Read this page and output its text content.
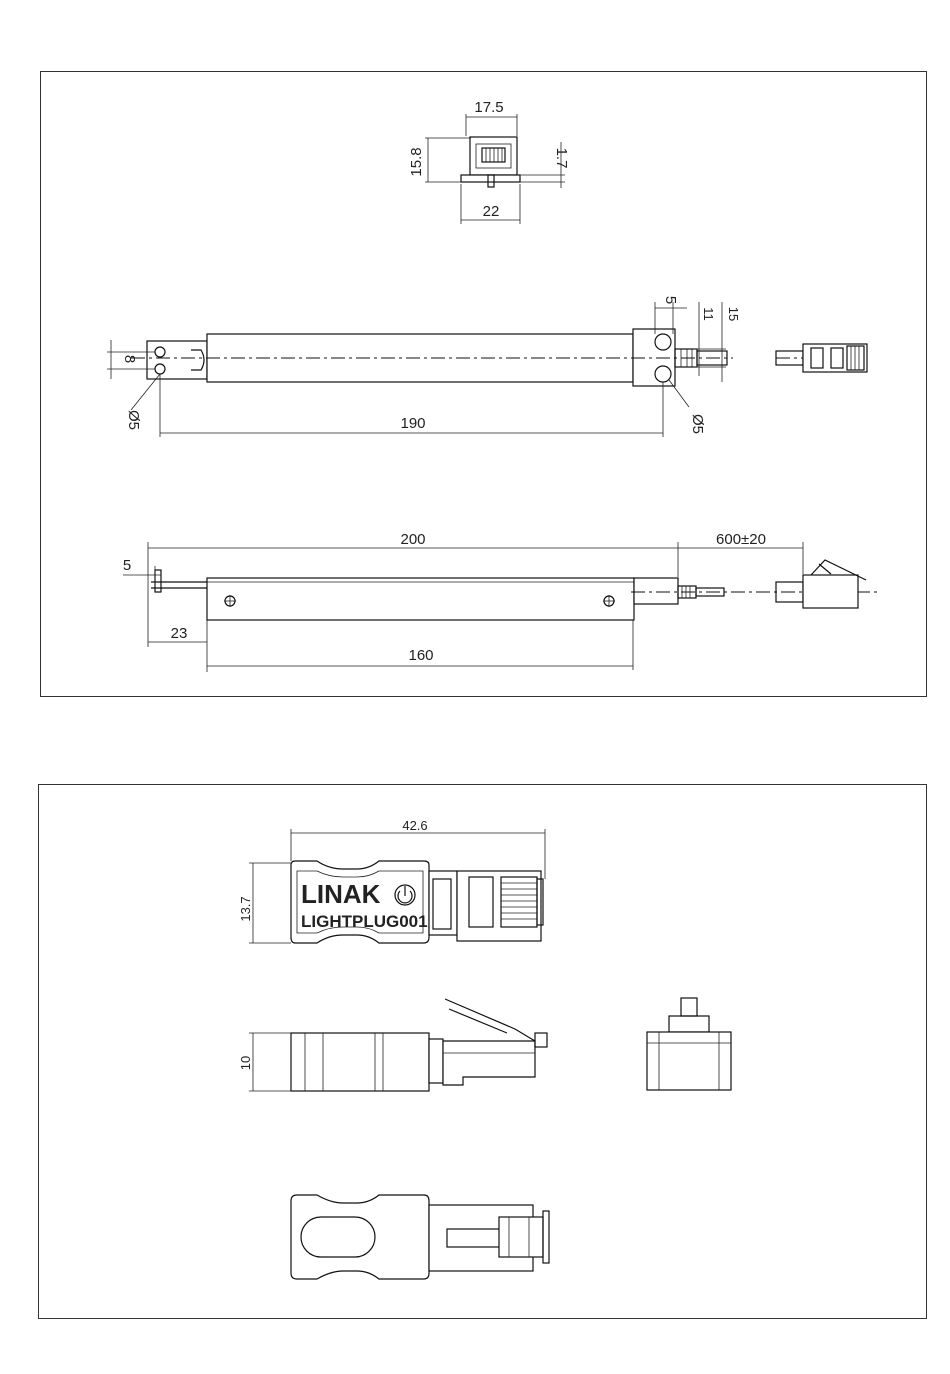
17.5
15.8	1.7
22
8
190
5
11 15
Ø5	Ø5
200	600±20
5
23
160
LINAK
LIGHTPLUG001
42.6
13.7
10
